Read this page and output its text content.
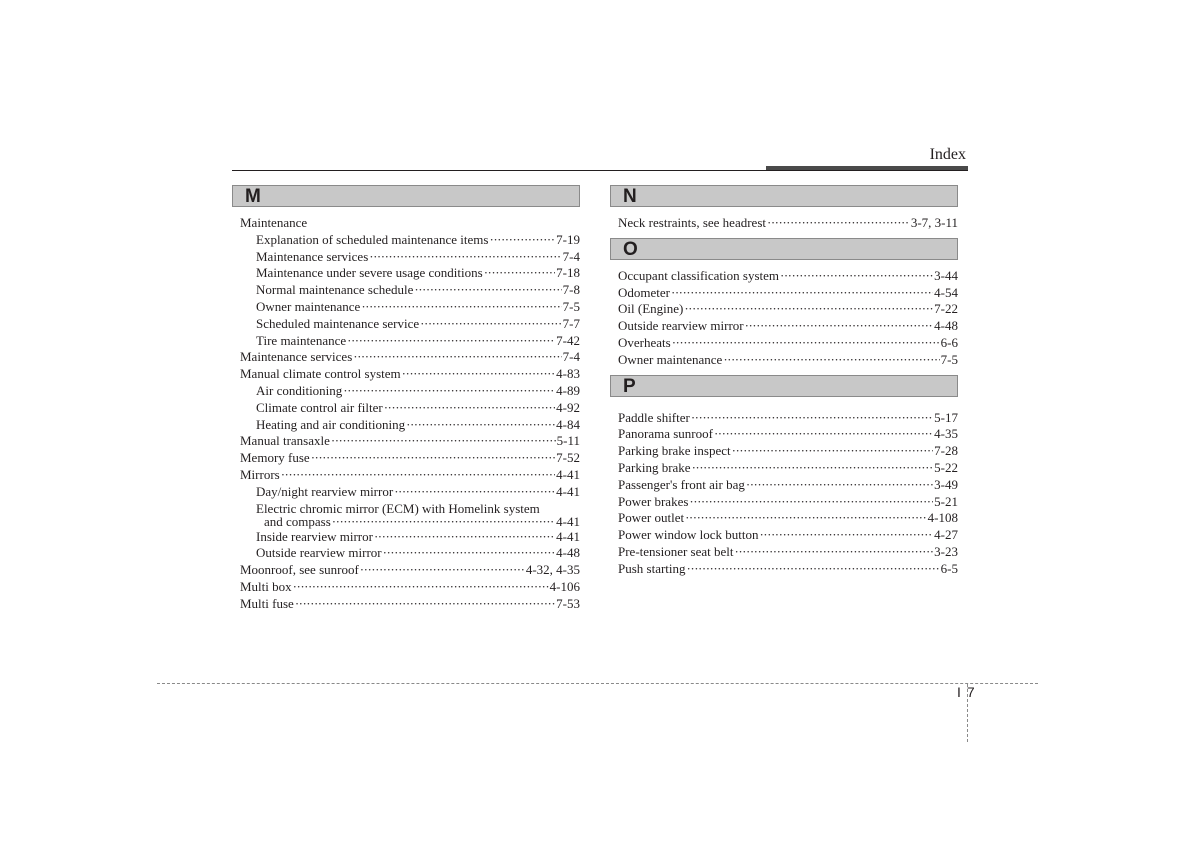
Index
M
Maintenance
Explanation of scheduled maintenance items ·····	7-19
Maintenance services ·····	7-4
Maintenance under severe usage conditions ·····	7-18
Normal maintenance schedule ·····	7-8
Owner maintenance ·····	7-5
Scheduled maintenance service ·····	7-7
Tire maintenance ·····	7-42
Maintenance services ·····	7-4
Manual climate control system ·····	4-83
Air conditioning ·····	4-89
Climate control air filter ·····	4-92
Heating and air conditioning ·····	4-84
Manual transaxle ·····	5-11
Memory fuse ·····	7-52
Mirrors ·····	4-41
Day/night rearview mirror ·····	4-41
Electric chromic mirror (ECM) with Homelink system
and compass ·····	4-41
Inside rearview mirror ·····	4-41
Outside rearview mirror ·····	4-48
Moonroof, see sunroof ·····	4-32, 4-35
Multi box ·····	4-106
Multi fuse ·····	7-53
N
Neck restraints, see headrest ·····	3-7, 3-11
O
Occupant classification system ·····	3-44
Odometer ·····	4-54
Oil (Engine) ·····	7-22
Outside rearview mirror ·····	4-48
Overheats ·····	6-6
Owner maintenance ·····	7-5
P
Paddle shifter ·····	5-17
Panorama sunroof ·····	4-35
Parking brake inspect ·····	7-28
Parking brake ·····	5-22
Passenger's front air bag ·····	3-49
Power brakes ·····	5-21
Power outlet ·····	4-108
Power window lock button ·····	4-27
Pre-tensioner seat belt ·····	3-23
Push starting ·····	6-5
I 7
